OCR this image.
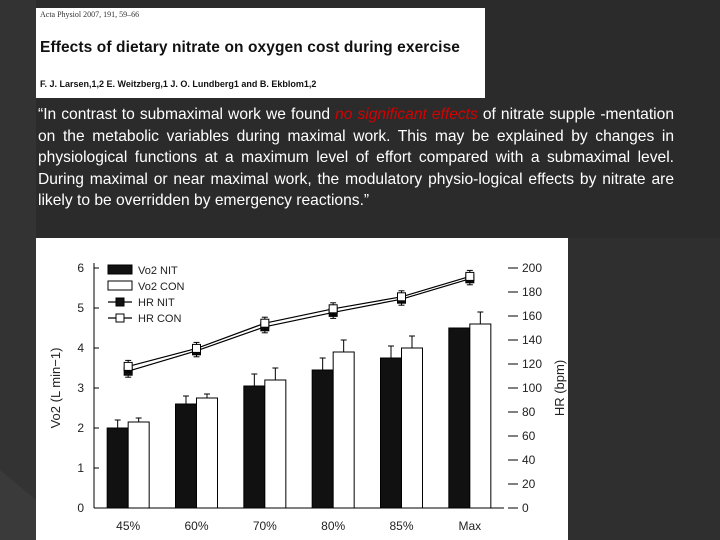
Acta Physiol 2007, 191, 59–66
Effects of dietary nitrate on oxygen cost during exercise
F. J. Larsen,1,2 E. Weitzberg,1 J. O. Lundberg1 and B. Ekblom1,2
“In contrast to submaximal work we found no significant effects of nitrate supple -mentation on the metabolic variables during maximal work. This may be explained by changes in physiological functions at a maximum level of effort compared with a submaximal level. During maximal or near maximal work, the modulatory physio-logical effects by nitrate are likely to be overridden by emergency reactions.”
0
1
2
3
4
5
6
0
20
40
60
80
100
120
140
160
180
200
45%	60%	70%	80%	85%	Max
Vo2 (L min−1)	HR (bpm)
Vo2 NIT
Vo2 CON
HR NIT
HR CON
